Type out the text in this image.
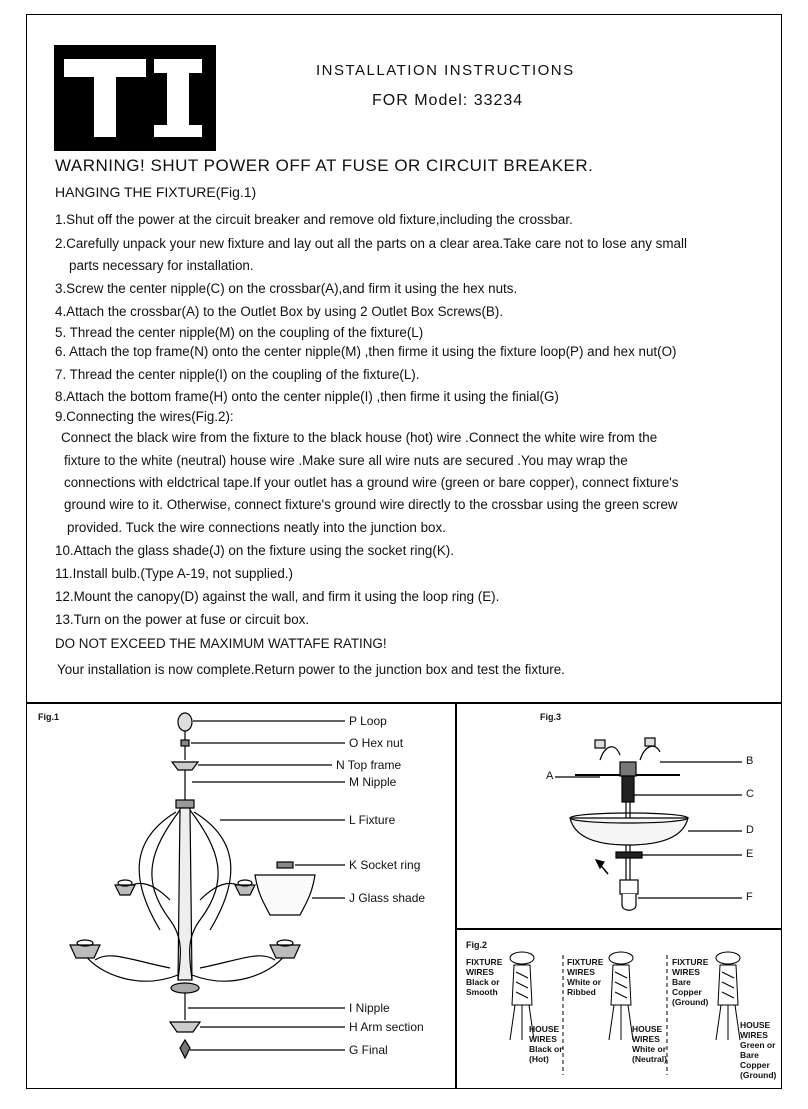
INSTALLATION INSTRUCTIONS
FOR Model: 33234
WARNING! SHUT POWER OFF AT FUSE OR CIRCUIT BREAKER.
HANGING THE FIXTURE(Fig.1)
1.Shut off the power at the circuit breaker and remove old fixture,including the crossbar.
2.Carefully unpack your new fixture and lay out all the parts on a clear area.Take care not to lose any small
parts necessary for installation.
3.Screw the center nipple(C) on the crossbar(A),and firm it using the hex nuts.
4.Attach the crossbar(A) to the Outlet Box by using 2 Outlet Box Screws(B).
5. Thread the center nipple(M) on the coupling of the fixture(L)
6. Attach the top frame(N) onto the center nipple(M) ,then firme it using the fixture loop(P) and hex nut(O)
7. Thread the center nipple(I) on the coupling of the fixture(L).
8.Attach the bottom frame(H) onto the center nipple(I) ,then firme it using the finial(G)
9.Connecting the wires(Fig.2):
Connect the black wire from the fixture to the black house (hot) wire .Connect the white wire from the
fixture to the white (neutral) house wire .Make sure all wire nuts are secured .You may wrap the
connections with eldctrical tape.If your outlet has a ground wire (green or bare copper), connect fixture's
ground wire to it. Otherwise, connect fixture's ground wire directly to the crossbar using the green screw
provided. Tuck the wire connections neatly into the junction box.
10.Attach the glass shade(J) on the fixture using the socket ring(K).
11.Install bulb.(Type A-19, not supplied.)
12.Mount the canopy(D) against the wall, and firm it using the loop ring (E).
13.Turn on the power at fuse or circuit box.
DO NOT EXCEED THE MAXIMUM WATTAFE RATING!
Your installation is now complete.Return power to the junction box and test the fixture.
Fig.1	P Loop
O Hex nut
N Top frame
M Nipple
L Fixture
K Socket ring
J Glass shade
I Nipple
H Arm section
G Final
Fig.3
A
B
C
D
E
F
Fig.2
FIXTURE
WIRES
Black or
Smooth
HOUSE
WIRES
Black or
(Hot)
FIXTURE
WIRES
White or
Ribbed
HOUSE
WIRES
White or
(Neutral)
FIXTURE
WIRES
Bare
Copper
(Ground)
HOUSE
WIRES
Green or
Bare
Copper
(Ground)
